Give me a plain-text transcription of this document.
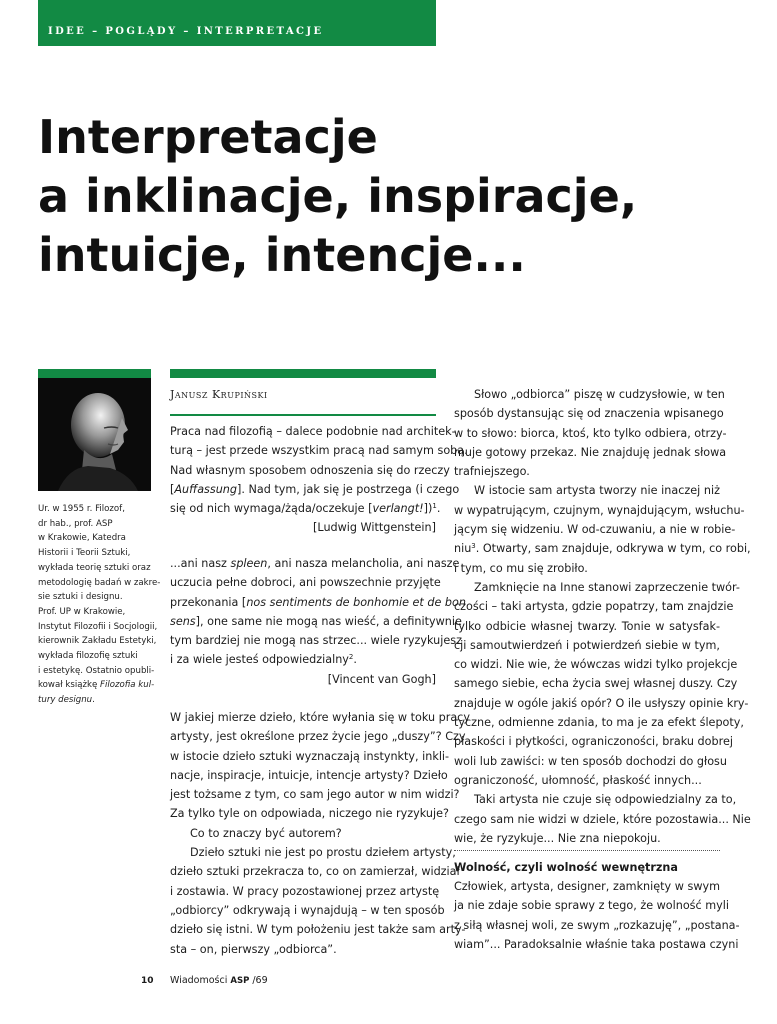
IDEE – POGLĄDY – INTERPRETACJE
Interpretacje
a inklinacje, inspiracje,
intuicje, intencje...
Ur. w 1955 r. Filozof,
dr hab., prof. ASP
w Krakowie, Katedra
Historii i Teorii Sztuki,
wykłada teorię sztuki oraz
metodologię badań w zakre-
sie sztuki i designu.
Prof. UP w Krakowie,
Instytut Filozofii i Socjologii,
kierownik Zakładu Estetyki,
wykłada filozofię sztuki
i estetykę. Ostatnio opubli-
kował książkę Filozofia kul-
tury designu.
Janusz Krupiński
Praca nad filozofią – dalece podobnie nad architek-
turą – jest przede wszystkim pracą nad samym sobą.
Nad własnym sposobem odnoszenia się do rzeczy
[Auffassung]. Nad tym, jak się je postrzega (i czego
się od nich wymaga/żąda/oczekuje [verlangt!])$^1$.
[Ludwig Wittgenstein]
...ani nasz spleen, ani nasza melancholia, ani nasze
uczucia pełne dobroci, ani powszechnie przyjęte
przekonania [nos sentiments de bonhomie et de bon
sens], one same nie mogą nas wieść, a definitywnie
tym bardziej nie mogą nas strzec... wiele ryzykujesz
i za wiele jesteś odpowiedzialny$^2$.
[Vincent van Gogh]
W jakiej mierze dzieło, które wyłania się w toku pracy
artysty, jest określone przez życie jego „duszy”? Czy
w istocie dzieło sztuki wyznaczają instynkty, inkli-
nacje, inspiracje, intuicje, intencje artysty? Dzieło
jest tożsame z tym, co sam jego autor w nim widzi?
Za tylko tyle on odpowiada, niczego nie ryzykuje?
Co to znaczy być autorem?
Dzieło sztuki nie jest po prostu dziełem artysty,
dzieło sztuki przekracza to, co on zamierzał, widział
i zostawia. W pracy pozostawionej przez artystę
„odbiorcy” odkrywają i wynajdują – w ten sposób
dzieło się istni. W tym położeniu jest także sam arty-
sta – on, pierwszy „odbiorca”.
Słowo „odbiorca” piszę w cudzysłowie, w ten
sposób dystansując się od znaczenia wpisanego
w to słowo: biorca, ktoś, kto tylko odbiera, otrzy-
muje gotowy przekaz. Nie znajduję jednak słowa
trafniejszego.
W istocie sam artysta tworzy nie inaczej niż
w wypatrującym, czujnym, wynajdującym, wsłuchu-
jącym się widzeniu. W od-czuwaniu, a nie w robie-
niu$^3$. Otwarty, sam znajduje, odkrywa w tym, co robi,
i tym, co mu się zrobiło.
Zamknięcie na Inne stanowi zaprzeczenie twór-
czości – taki artysta, gdzie popatrzy, tam znajdzie
tylko odbicie własnej twarzy. Tonie w satysfak-
cji samoutwierdzeń i potwierdzeń siebie w tym,
co widzi. Nie wie, że wówczas widzi tylko projekcje
samego siebie, echa życia swej własnej duszy. Czy
znajduje w ogóle jakiś opór? O ile usłyszy opinie kry-
tyczne, odmienne zdania, to ma je za efekt ślepoty,
płaskości i płytkości, ograniczoności, braku dobrej
woli lub zawiści: w ten sposób dochodzi do głosu
ograniczoność, ułomność, płaskość innych...
Taki artysta nie czuje się odpowiedzialny za to,
czego sam nie widzi w dziele, które pozostawia... Nie
wie, że ryzykuje... Nie zna niepokoju.
Wolność, czyli wolność wewnętrzna
Człowiek, artysta, designer, zamknięty w swym
ja nie zdaje sobie sprawy z tego, że wolność myli
z siłą własnej woli, ze swym „rozkazuję”, „postana-
wiam”... Paradoksalnie właśnie taka postawa czyni
10 Wiadomości ASP /69
